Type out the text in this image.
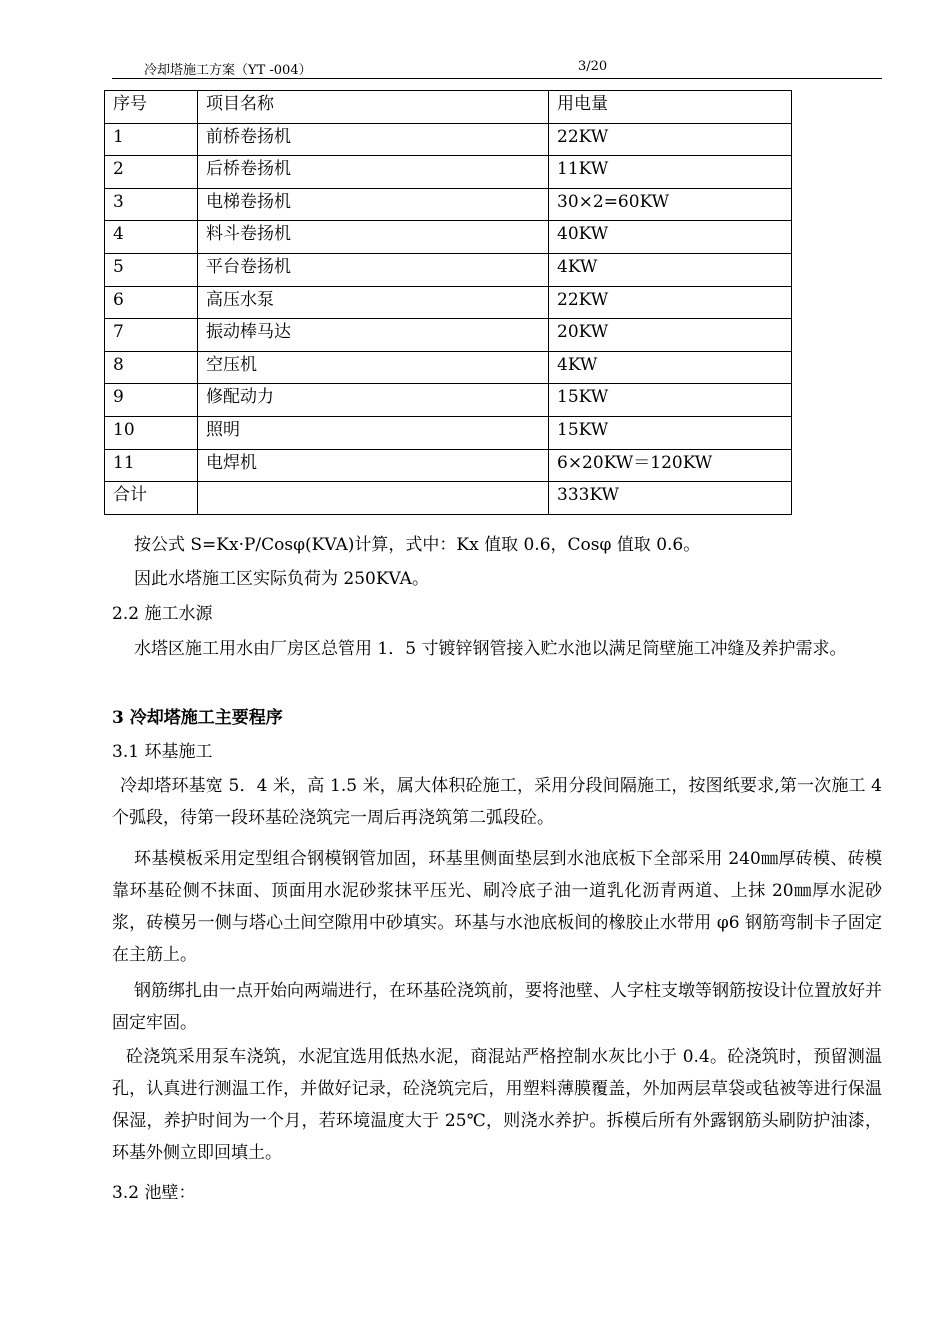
冷却塔施工方案（YT -004）	3/20
序号	项目名称	用电量
1	前桥卷扬机	22KW
2	后桥卷扬机	11KW
3	电梯卷扬机	30×2=60KW
4	料斗卷扬机	40KW
5	平台卷扬机	4KW
6	高压水泵	22KW
7	振动棒马达	20KW
8	空压机	4KW
9	修配动力	15KW
10	照明	15KW
11	电焊机	6×20KW＝120KW
合计		333KW
按公式 S=Kx·P/Cosφ(KVA)计算，式中：Kx 值取 0.6，Cosφ 值取 0.6。
因此水塔施工区实际负荷为 250KVA。
2.2 施工水源
水塔区施工用水由厂房区总管用 1．5 寸镀锌钢管接入贮水池以满足筒壁施工冲缝及养护需求。
3 冷却塔施工主要程序
3.1 环基施工
冷却塔环基宽 5．4 米，高 1.5 米，属大体积砼施工，采用分段间隔施工，按图纸要求,第一次施工 4 个弧段，待第一段环基砼浇筑完一周后再浇筑第二弧段砼。
环基模板采用定型组合钢模钢管加固，环基里侧面垫层到水池底板下全部采用 240㎜厚砖模、砖模靠环基砼侧不抹面、顶面用水泥砂浆抹平压光、刷冷底子油一道乳化沥青两道、上抹 20㎜厚水泥砂浆，砖模另一侧与塔心土间空隙用中砂填实。环基与水池底板间的橡胶止水带用 φ6 钢筋弯制卡子固定在主筋上。
钢筋绑扎由一点开始向两端进行，在环基砼浇筑前，要将池壁、人字柱支墩等钢筋按设计位置放好并固定牢固。
砼浇筑采用泵车浇筑，水泥宜选用低热水泥，商混站严格控制水灰比小于 0.4。砼浇筑时，预留测温孔，认真进行测温工作，并做好记录，砼浇筑完后，用塑料薄膜覆盖，外加两层草袋或毡被等进行保温保湿，养护时间为一个月，若环境温度大于 25℃，则浇水养护。拆模后所有外露钢筋头刷防护油漆，环基外侧立即回填土。
3.2 池壁：
